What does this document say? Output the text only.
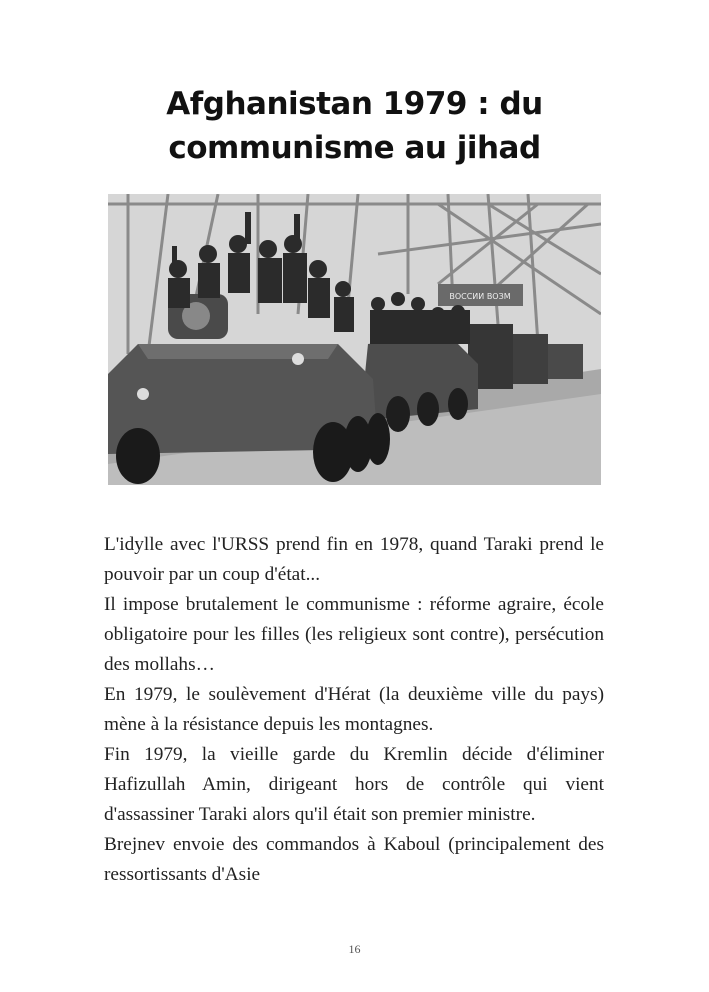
Afghanistan 1979 : du
communisme au jihad
ВОССИИ ВОЗМ

L'idylle avec l'URSS prend fin en 1978, quand Taraki prend le pouvoir par un coup d'état...

Il impose brutalement le communisme : réforme agraire, école obligatoire pour les filles (les religieux sont contre), persécution des mollahs…

En 1979, le soulèvement d'Hérat (la deuxième ville du pays) mène à la résistance depuis les montagnes.

Fin 1979, la vieille garde du Kremlin décide d'éliminer Hafizullah Amin, dirigeant hors de contrôle qui vient d'assassiner Taraki alors qu'il était son premier ministre.

Brejnev envoie des commandos à Kaboul (principalement des ressortissants d'Asie

16
